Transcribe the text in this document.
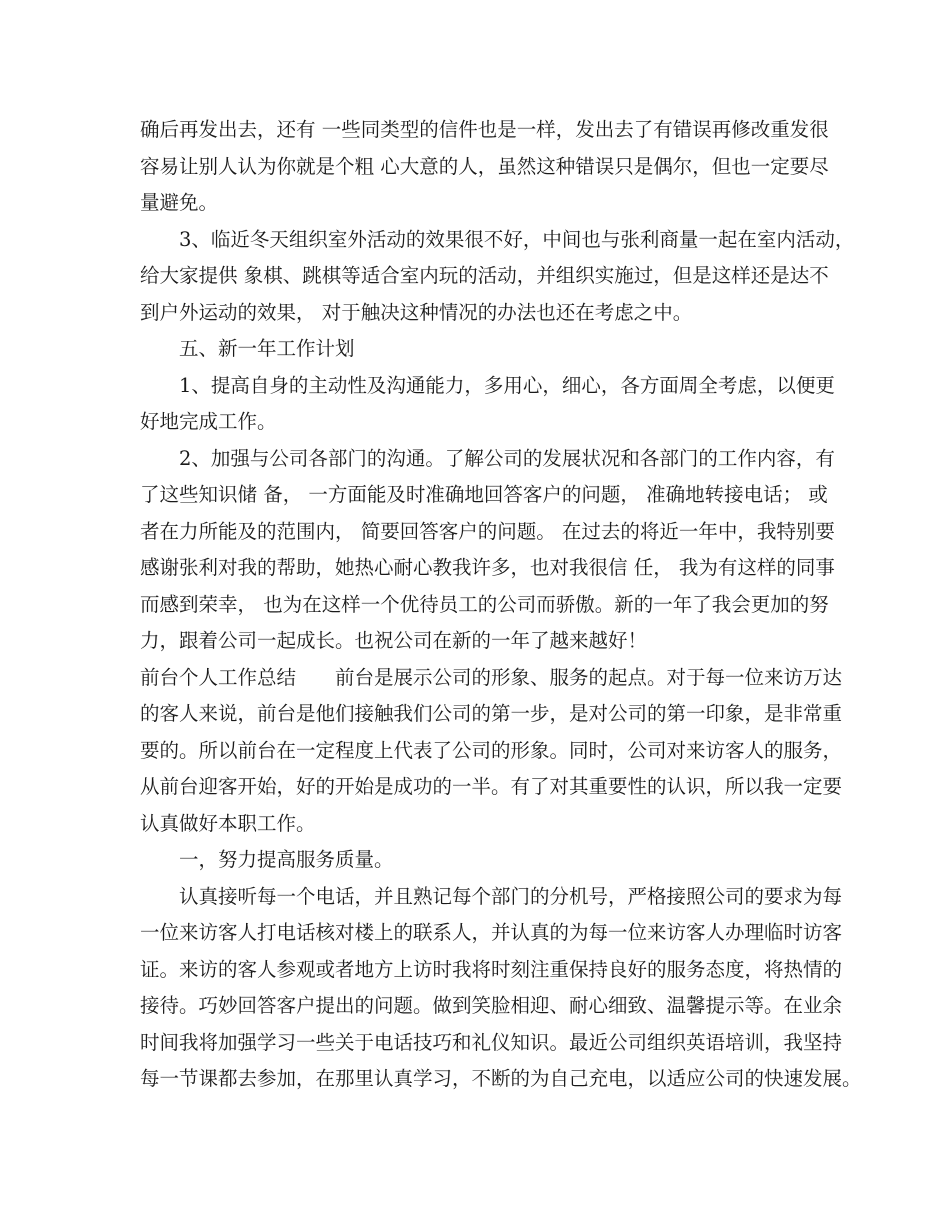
确后再发出去，还有 一些同类型的信件也是一样，发出去了有错误再修改重发很
容易让别人认为你就是个粗 心大意的人，虽然这种错误只是偶尔，但也一定要尽
量避免。
　　3、临近冬天组织室外活动的效果很不好，中间也与张利商量一起在室内活动，
给大家提供 象棋、跳棋等适合室内玩的活动，并组织实施过，但是这样还是达不
到户外运动的效果， 对于触决这种情况的办法也还在考虑之中。
　　五、新一年工作计划
　　1、提高自身的主动性及沟通能力，多用心，细心，各方面周全考虑，以便更
好地完成工作。
　　2、加强与公司各部门的沟通。了解公司的发展状况和各部门的工作内容，有
了这些知识储 备， 一方面能及时准确地回答客户的问题， 准确地转接电话； 或
者在力所能及的范围内， 简要回答客户的问题。 在过去的将近一年中，我特别要
感谢张利对我的帮助，她热心耐心教我许多，也对我很信 任， 我为有这样的同事
而感到荣幸， 也为在这样一个优待员工的公司而骄傲。新的一年了我会更加的努
力，跟着公司一起成长。也祝公司在新的一年了越来越好！
前台个人工作总结　　前台是展示公司的形象、服务的起点。对于每一位来访万达
的客人来说，前台是他们接触我们公司的第一步，是对公司的第一印象，是非常重
要的。所以前台在一定程度上代表了公司的形象。同时，公司对来访客人的服务，
从前台迎客开始，好的开始是成功的一半。有了对其重要性的认识，所以我一定要
认真做好本职工作。
　　一，努力提高服务质量。
　　认真接听每一个电话，并且熟记每个部门的分机号，严格接照公司的要求为每
一位来访客人打电话核对楼上的联系人，并认真的为每一位来访客人办理临时访客
证。来访的客人参观或者地方上访时我将时刻注重保持良好的服务态度，将热情的
接待。巧妙回答客户提出的问题。做到笑脸相迎、耐心细致、温馨提示等。在业余
时间我将加强学习一些关于电话技巧和礼仪知识。最近公司组织英语培训，我坚持
每一节课都去参加，在那里认真学习，不断的为自己充电，以适应公司的快速发展。
